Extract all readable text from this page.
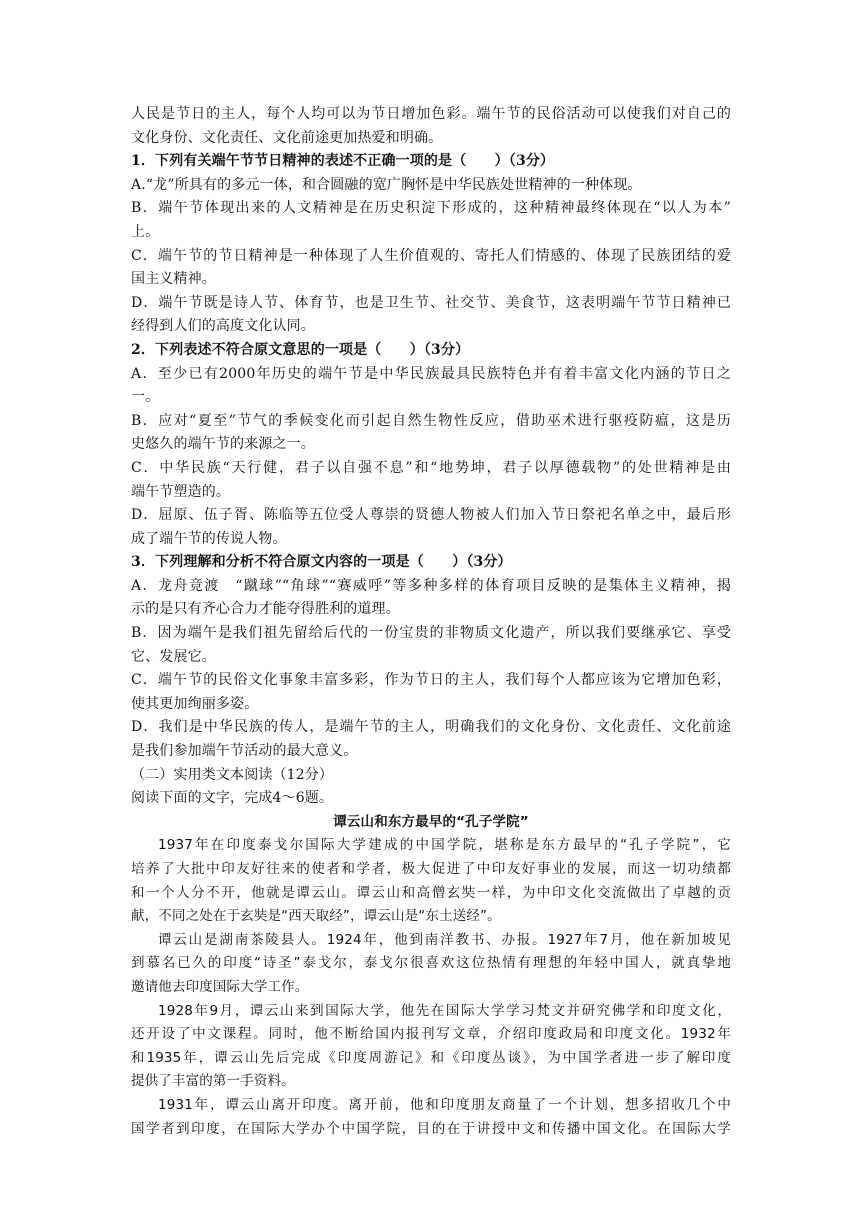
人民是节日的主人，每个人均可以为节日增加色彩。端午节的民俗活动可以使我们对自己的
文化身份、文化责任、文化前途更加热爱和明确。
1．下列有关端午节节日精神的表述不正确一项的是（　　）（3分）
A.“龙”所具有的多元一体，和合圆融的宽广胸怀是中华民族处世精神的一种体现。
B．端午节体现出来的人文精神是在历史积淀下形成的，这种精神最终体现在“以人为本”
上。
C．端午节的节日精神是一种体现了人生价值观的、寄托人们情感的、体现了民族团结的爱
国主义精神。
D．端午节既是诗人节、体育节，也是卫生节、社交节、美食节，这表明端午节节日精神已
经得到人们的高度文化认同。
2．下列表述不符合原文意思的一项是（　　）（3分）
A．至少已有2000年历史的端午节是中华民族最具民族特色并有着丰富文化内涵的节日之
一。
B．应对“夏至”节气的季候变化而引起自然生物性反应，借助巫术进行驱疫防瘟，这是历
史悠久的端午节的来源之一。
C．中华民族“天行健，君子以自强不息”和“地势坤，君子以厚德载物”的处世精神是由
端午节塑造的。
D．屈原、伍子胥、陈临等五位受人尊崇的贤德人物被人们加入节日祭祀名单之中，最后形
成了端午节的传说人物。
3．下列理解和分析不符合原文内容的一项是（　　）（3分）
A．龙舟竞渡　“蹴球”“角球”“赛威呼”等多种多样的体育项目反映的是集体主义精神，揭
示的是只有齐心合力才能夺得胜利的道理。
B．因为端午是我们祖先留给后代的一份宝贵的非物质文化遗产，所以我们要继承它、享受
它、发展它。
C．端午节的民俗文化事象丰富多彩，作为节日的主人，我们每个人都应该为它增加色彩，
使其更加绚丽多姿。
D．我们是中华民族的传人，是端午节的主人，明确我们的文化身份、文化责任、文化前途
是我们参加端午节活动的最大意义。
（二）实用类文本阅读（12分）
阅读下面的文字，完成4～6题。
谭云山和东方最早的“孔子学院”
1937年在印度泰戈尔国际大学建成的中国学院，堪称是东方最早的“孔子学院”，它
培养了大批中印友好往来的使者和学者，极大促进了中印友好事业的发展，而这一切功绩都
和一个人分不开，他就是谭云山。谭云山和高僧玄奘一样，为中印文化交流做出了卓越的贡
献，不同之处在于玄奘是“西天取经”，谭云山是“东土送经”。
谭云山是湖南茶陵县人。1924年，他到南洋教书、办报。1927年7月，他在新加坡见
到慕名已久的印度“诗圣”泰戈尔，泰戈尔很喜欢这位热情有理想的年轻中国人，就真挚地
邀请他去印度国际大学工作。
1928年9月，谭云山来到国际大学，他先在国际大学学习梵文并研究佛学和印度文化，
还开设了中文课程。同时，他不断给国内报刊写文章，介绍印度政局和印度文化。1932年
和1935年，谭云山先后完成《印度周游记》和《印度丛谈》，为中国学者进一步了解印度
提供了丰富的第一手资料。
1931年，谭云山离开印度。离开前，他和印度朋友商量了一个计划，想多招收几个中
国学者到印度，在国际大学办个中国学院，目的在于讲授中文和传播中国文化。在国际大学
